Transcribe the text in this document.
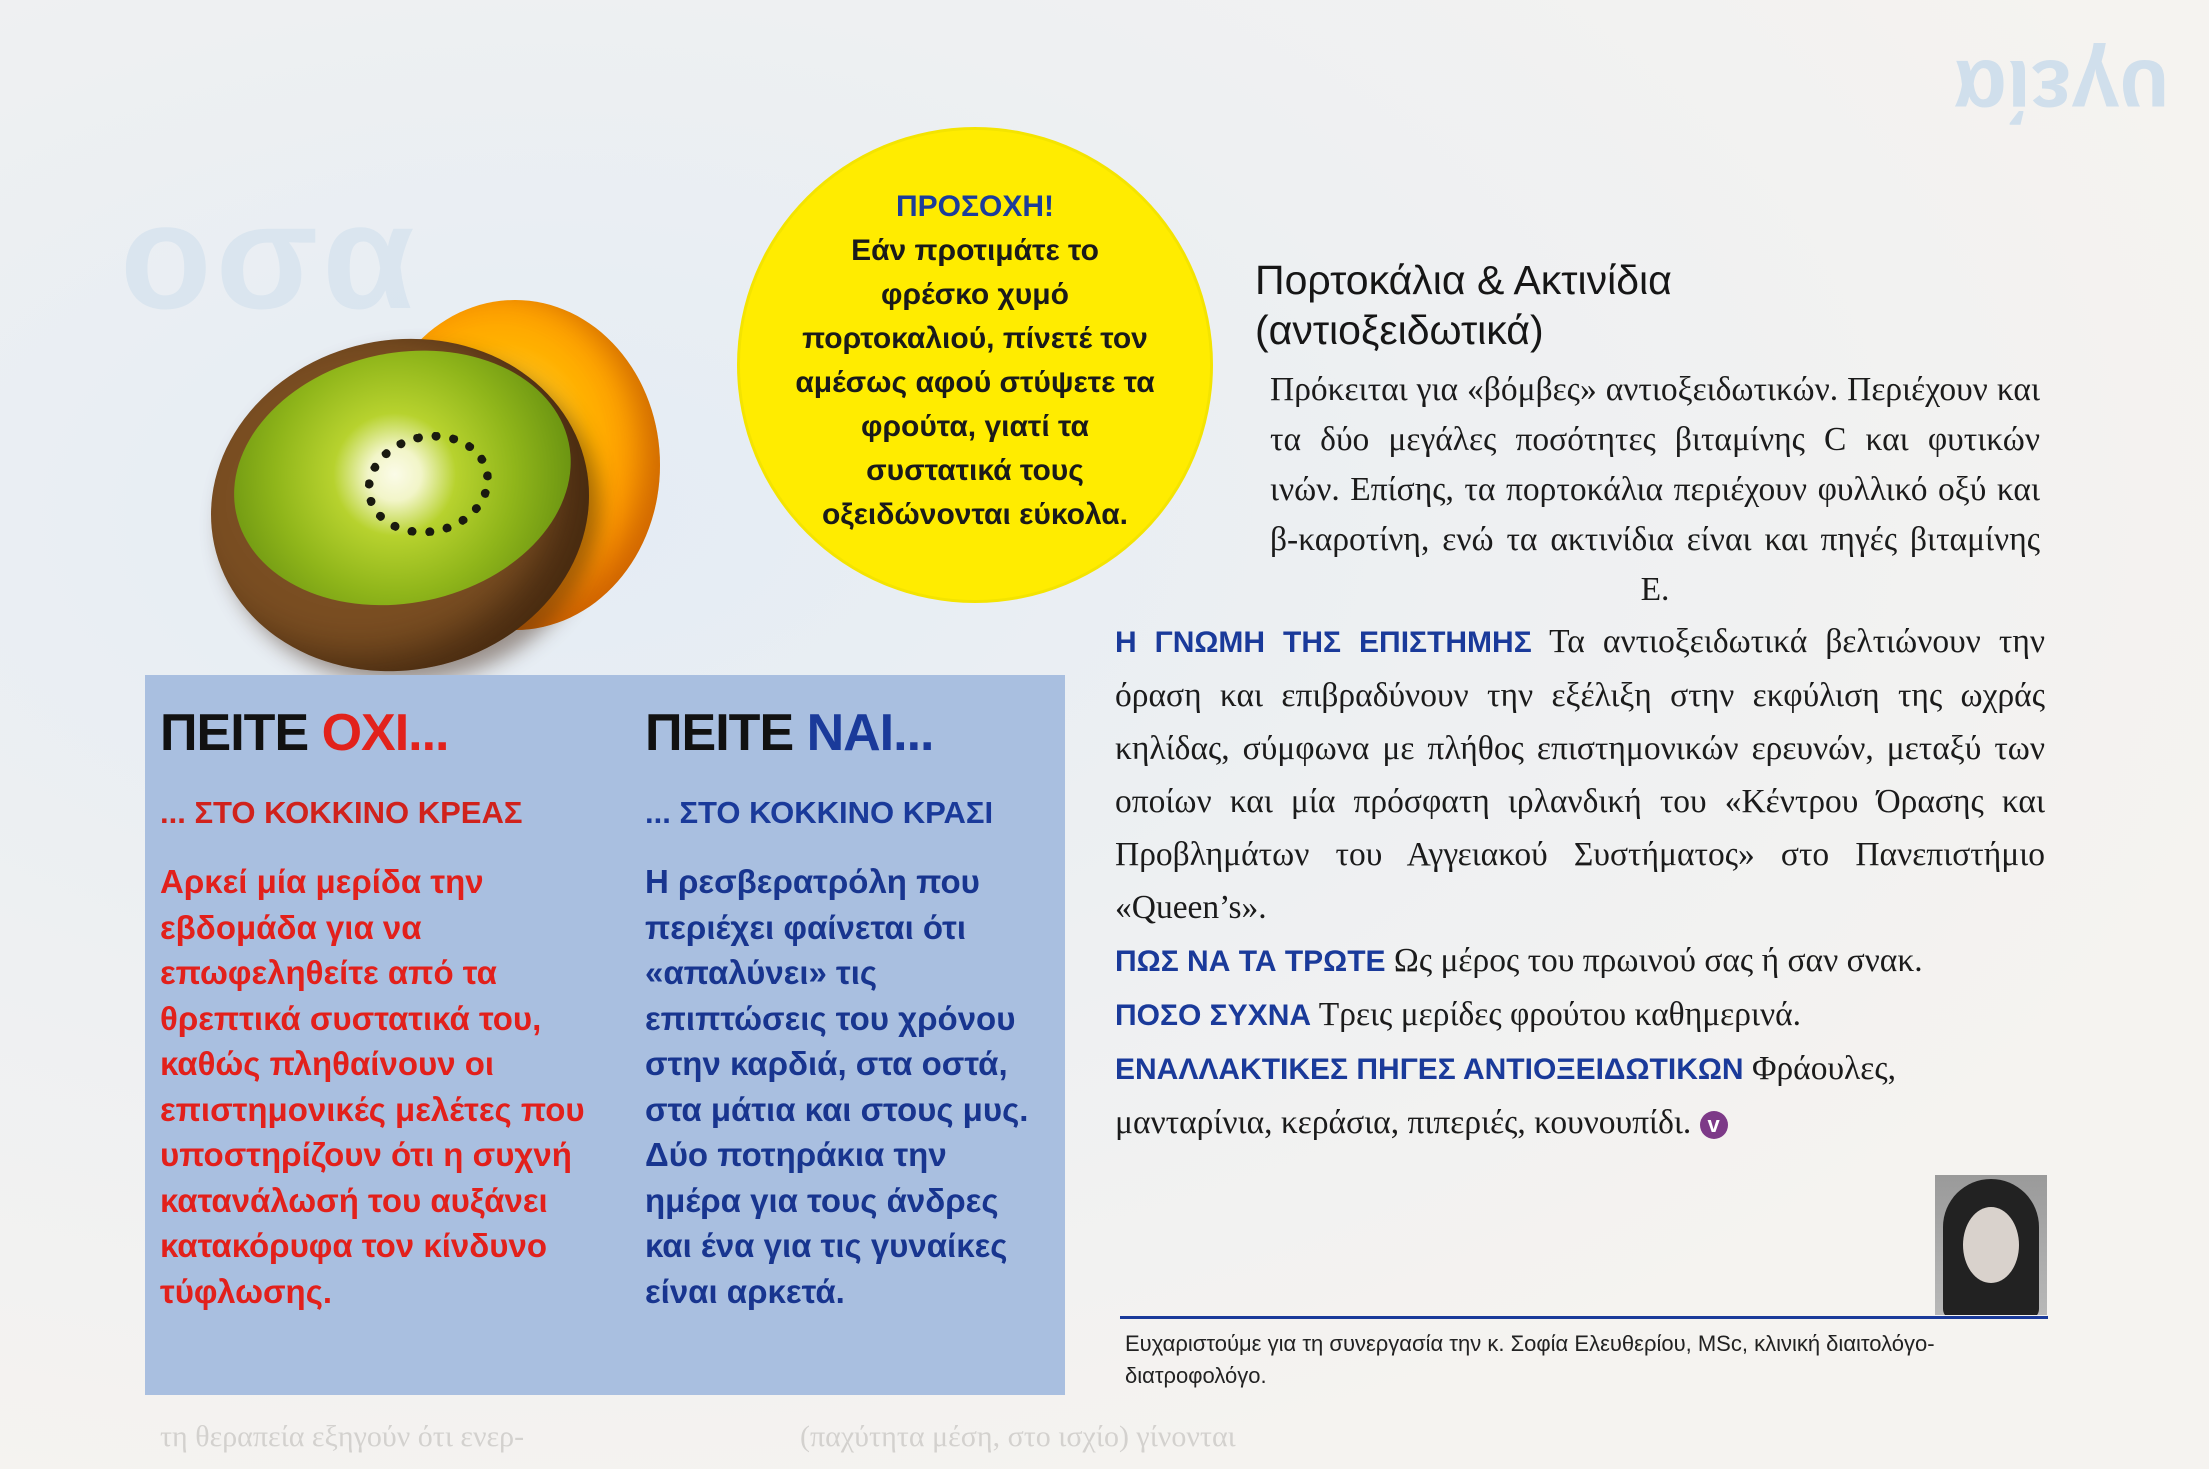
υγεία
oσα
τη θεραπεία εξηγούν ότι ενερ-	(παχύτητα μέση, στο ισχίο) γίνονται
ΠΡΟΣΟΧΗ!
Εάν προτιμάτε το φρέσκο χυμό πορτοκαλιού, πίνετέ τον αμέσως αφού στύψετε τα φρούτα, γιατί τα συστατικά τους οξειδώνονται εύκολα.
ΠΕΙΤΕ ΟΧΙ...
... ΣΤΟ ΚΟΚΚΙΝΟ ΚΡΕΑΣ
Αρκεί μία μερίδα την εβδομάδα για να επωφεληθείτε από τα θρεπτικά συστατικά του, καθώς πληθαίνουν οι επιστημονικές μελέτες που υποστηρίζουν ότι η συχνή κατανάλωσή του αυξάνει κατακόρυφα τον κίνδυνο τύφλωσης.
ΠΕΙΤΕ ΝΑΙ...
... ΣΤΟ ΚΟΚΚΙΝΟ ΚΡΑΣΙ
Η ρεσβερατρόλη που περιέχει φαίνεται ότι «απαλύνει» τις επιπτώσεις του χρόνου στην καρδιά, στα οστά, στα μάτια και στους μυς. Δύο ποτηράκια την ημέρα για τους άνδρες και ένα για τις γυναίκες είναι αρκετά.
Πορτοκάλια & Ακτινίδια
(αντιοξειδωτικά)
Πρόκειται για «βόμβες» αντιοξειδωτικών. Περιέχουν και τα δύο μεγάλες ποσότητες βιταμίνης C και φυτικών ινών. Επίσης, τα πορτοκάλια περιέχουν φυλλικό οξύ και β-καροτίνη, ενώ τα ακτινίδια είναι και πηγές βιταμίνης Ε.
Η ΓΝΩΜΗ ΤΗΣ ΕΠΙΣΤΗΜΗΣ Τα αντιοξειδωτικά βελτιώνουν την όραση και επιβραδύνουν την εξέλιξη στην εκφύλιση της ωχράς κηλίδας, σύμφωνα με πλήθος επιστημονικών ερευνών, μεταξύ των οποίων και μία πρόσφατη ιρλανδική του «Κέντρου Όρασης και Προβλημάτων του Αγγειακού Συστήματος» στο Πανεπιστήμιο «Queen’s».
ΠΩΣ ΝΑ ΤΑ ΤΡΩΤΕ Ως μέρος του πρωινού σας ή σαν σνακ.
ΠΟΣΟ ΣΥΧΝΑ Τρεις μερίδες φρούτου καθημερινά.
ΕΝΑΛΛΑΚΤΙΚΕΣ ΠΗΓΕΣ ΑΝΤΙΟΞΕΙΔΩΤΙΚΩΝ Φράουλες, μανταρίνια, κεράσια, πιπεριές, κουνουπίδι. v
Ευχαριστούμε για τη συνεργασία την κ. Σοφία Ελευθερίου, MSc, κλινική διαιτολόγο-διατροφολόγο.
